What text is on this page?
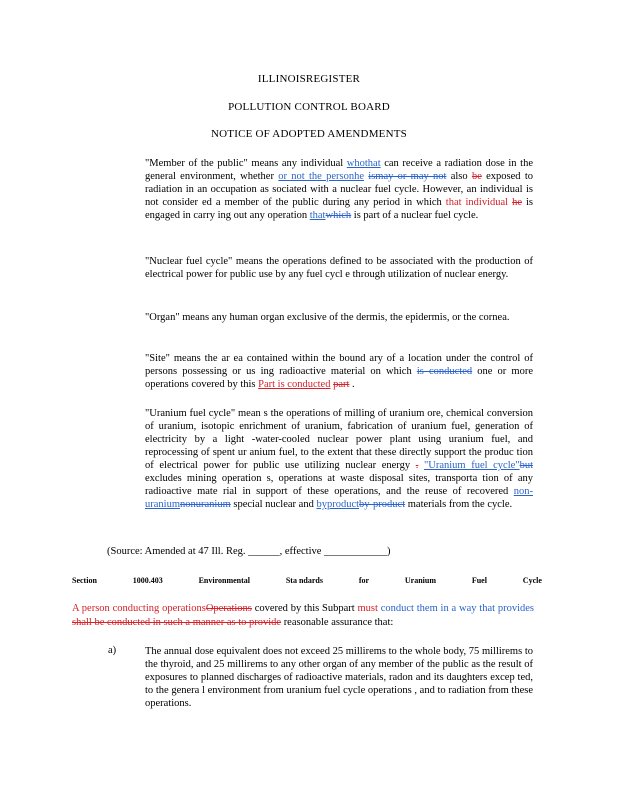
ILLINOISREGISTER
POLLUTION CONTROL BOARD
NOTICE OF ADOPTED AMENDMENTS
"Member of the public" means any individual whothat can receive a radiation dose in the general environment, whether or not the personhe ismay or may not also be exposed to radiation in an occupation as sociated with a nuclear fuel cycle. However, an individual is not consider ed a member of the public during any period in which that individual he is engaged in carry ing out any operation thatwhich is part of a nuclear fuel cycle.
"Nuclear fuel cycle" means the operations defined to be associated with the production of electrical power for public use by any fuel cycl e through utilization of nuclear energy.
"Organ" means any human organ exclusive of the dermis, the epidermis, or the cornea.
"Site" means the ar ea contained within the bound ary of a location under the control of persons possessing or us ing radioactive material on which is conducted one or more operations covered by this Part is conducted part .
"Uranium fuel cycle" mean s the operations of milling of uranium ore, chemical conversion of uranium, isotopic enrichment of uranium, fabrication of uranium fuel, generation of electricity by a light -water-cooled nuclear power plant using uranium fuel, and reprocessing of spent ur anium fuel, to the extent that these directly support the produc tion of electrical power for public use utilizing nuclear energy . "Uranium fuel cycle"but excludes mining operation s, operations at waste disposal sites, transporta tion of any radioactive mate rial in support of these operations, and the reuse of recovered non-uraniumnonuranium special nuclear and byproductby-product materials from the cycle.
(Source: Amended at 47 Ill. Reg. ______, effective ____________)
Section	1000.403	Environmental	Sta ndards	for	Uranium	Fuel	Cycle
A person conducting operationsOperations covered by this Subpart must conduct them in a way that provides shall be conducted in such a manner as to provide reasonable assurance that:
a)	The annual dose equivalent does not exceed 25 millirems to the whole body, 75 millirems to the thyroid, and 25 millirems to any other organ of any member of the public as the result of exposures to planned discharges of radioactive materials, radon and its daughters excep ted, to the genera l environment from uranium fuel cycle operations , and to radiation from these operations.
